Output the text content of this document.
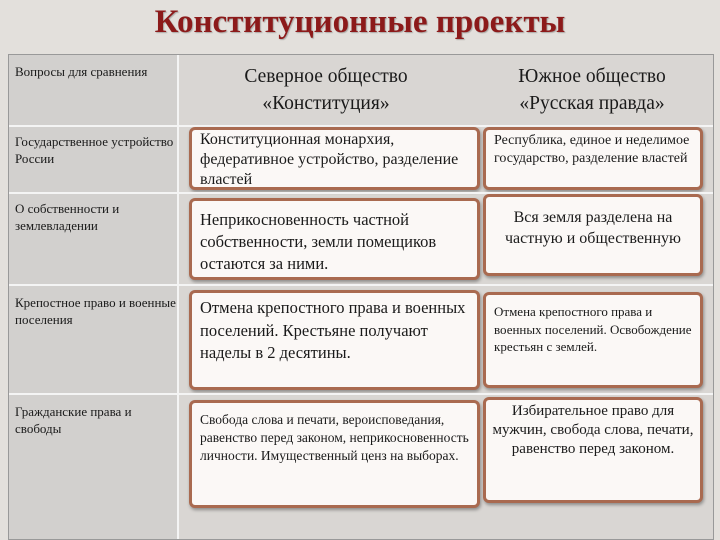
Конституционные проекты
Вопросы для сравнения	Северное общество «Конституция»
Южное общество «Русская правда»
Государственное устройство России
Конституционная монархия, федеративное устройство, разделение властей
Республика, единое и неделимое государство, разделение властей
О собственности и землевладении	Неприкосновенность частной собственности, земли помещиков остаются за ними.
Вся земля разделена на частную и общественную
Крепостное право и военные поселения
Отмена крепостного права и военных поселений. Крестьяне получают наделы в 2 десятины.
Отмена крепостного права и военных поселений. Освобождение крестьян с землей.
Гражданские права и свободы
Свобода слова и печати, вероисповедания, равенство перед законом, неприкосновенность личности. Имущественный ценз на выборах.
Избирательное право для мужчин, свобода слова, печати, равенство перед законом.
